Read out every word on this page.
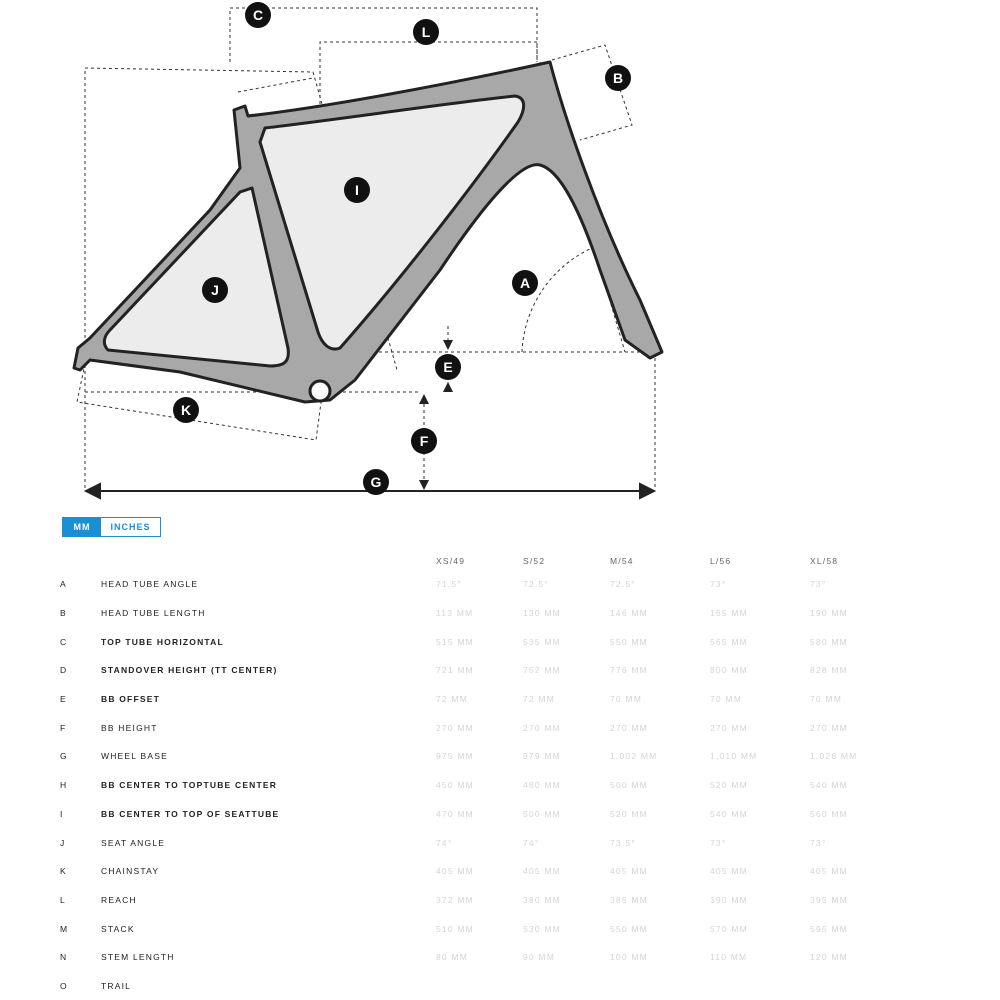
C
L
B
I
J	A
E
K
F
G
MM	INCHES
		XS/49	S/52	M/54	L/56	XL/58
A	HEAD TUBE ANGLE	71.5°	72.5°	72.5°	73°	73°
B	HEAD TUBE LENGTH	113 MM	130 MM	146 MM	165 MM	190 MM
C	TOP TUBE HORIZONTAL	515 MM	535 MM	550 MM	565 MM	580 MM
D	STANDOVER HEIGHT (TT CENTER)	721 MM	752 MM	776 MM	800 MM	828 MM
E	BB OFFSET	72 MM	72 MM	70 MM	70 MM	70 MM
F	BB HEIGHT	270 MM	270 MM	270 MM	270 MM	270 MM
G	WHEEL BASE	975 MM	979 MM	1,002 MM	1,010 MM	1,026 MM
H	BB CENTER TO TOPTUBE CENTER	450 MM	480 MM	500 MM	520 MM	540 MM
I	BB CENTER TO TOP OF SEATTUBE	470 MM	500 MM	520 MM	540 MM	560 MM
J	SEAT ANGLE	74°	74°	73.5°	73°	73°
K	CHAINSTAY	405 MM	405 MM	405 MM	405 MM	405 MM
L	REACH	372 MM	380 MM	385 MM	390 MM	395 MM
M	STACK	510 MM	530 MM	550 MM	570 MM	595 MM
N	STEM LENGTH	80 MM	90 MM	100 MM	110 MM	120 MM
O	TRAIL					
